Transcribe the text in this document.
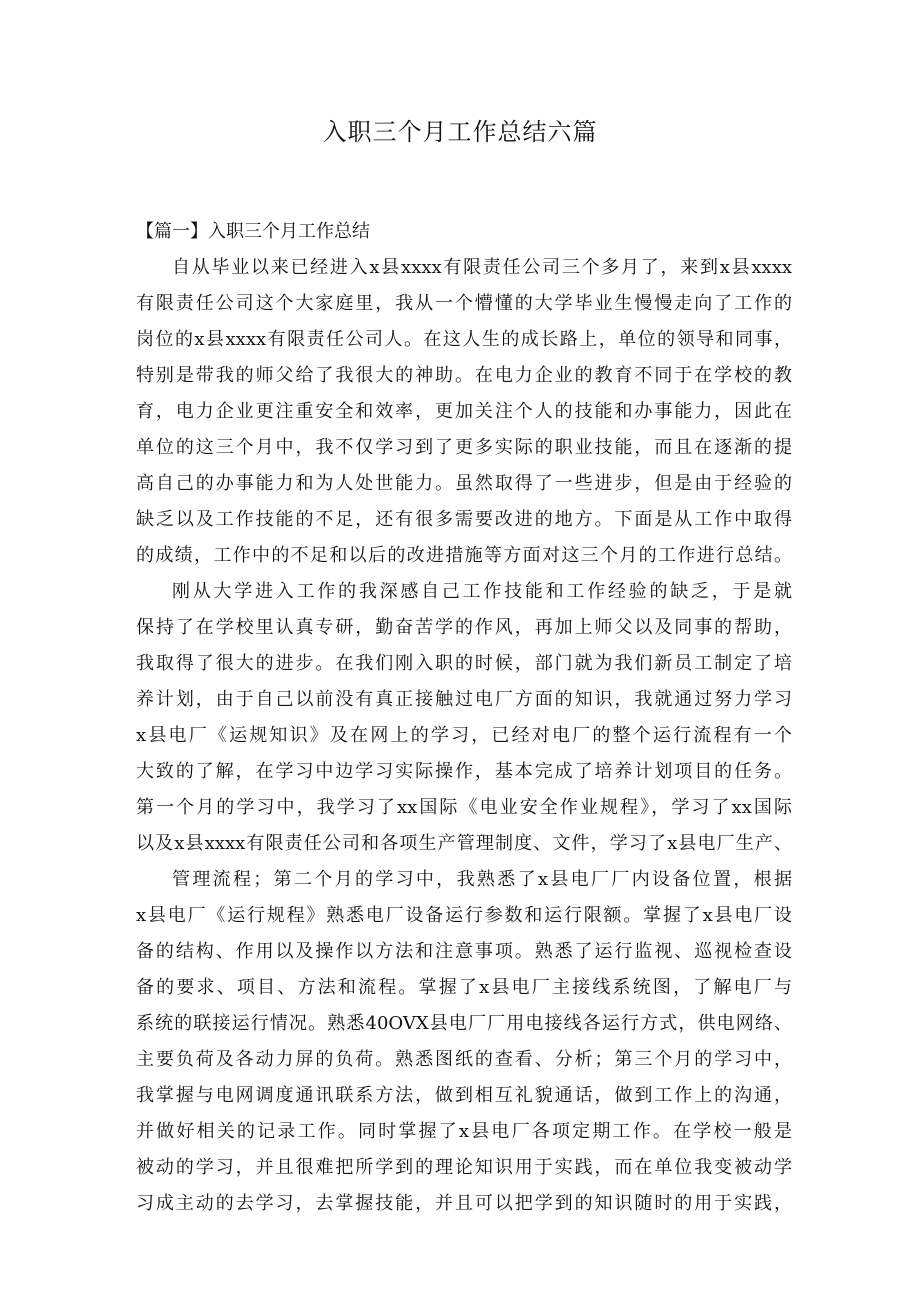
入职三个月工作总结六篇
【篇一】入职三个月工作总结
自从毕业以来已经进入x县xxxx有限责任公司三个多月了，来到x县xxxx
有限责任公司这个大家庭里，我从一个懵懂的大学毕业生慢慢走向了工作的
岗位的x县xxxx有限责任公司人。在这人生的成长路上，单位的领导和同事，
特别是带我的师父给了我很大的神助。在电力企业的教育不同于在学校的教
育，电力企业更注重安全和效率，更加关注个人的技能和办事能力，因此在
单位的这三个月中，我不仅学习到了更多实际的职业技能，而且在逐渐的提
高自己的办事能力和为人处世能力。虽然取得了一些进步，但是由于经验的
缺乏以及工作技能的不足，还有很多需要改进的地方。下面是从工作中取得
的成绩，工作中的不足和以后的改进措施等方面对这三个月的工作进行总结。
刚从大学进入工作的我深感自己工作技能和工作经验的缺乏，于是就
保持了在学校里认真专研，勤奋苦学的作风，再加上师父以及同事的帮助，
我取得了很大的进步。在我们刚入职的时候，部门就为我们新员工制定了培
养计划，由于自己以前没有真正接触过电厂方面的知识，我就通过努力学习
x县电厂《运规知识》及在网上的学习，已经对电厂的整个运行流程有一个
大致的了解，在学习中边学习实际操作，基本完成了培养计划项目的任务。
第一个月的学习中，我学习了xx国际《电业安全作业规程》，学习了xx国际
以及x县xxxx有限责任公司和各项生产管理制度、文件，学习了x县电厂生产、
管理流程；第二个月的学习中，我熟悉了x县电厂厂内设备位置，根据
x县电厂《运行规程》熟悉电厂设备运行参数和运行限额。掌握了x县电厂设
备的结构、作用以及操作以方法和注意事项。熟悉了运行监视、巡视检查设
备的要求、项目、方法和流程。掌握了x县电厂主接线系统图，了解电厂与
系统的联接运行情况。熟悉40OVX县电厂厂用电接线各运行方式，供电网络、
主要负荷及各动力屏的负荷。熟悉图纸的查看、分析；第三个月的学习中，
我掌握与电网调度通讯联系方法，做到相互礼貌通话，做到工作上的沟通，
并做好相关的记录工作。同时掌握了x县电厂各项定期工作。在学校一般是
被动的学习，并且很难把所学到的理论知识用于实践，而在单位我变被动学
习成主动的去学习，去掌握技能，并且可以把学到的知识随时的用于实践，
